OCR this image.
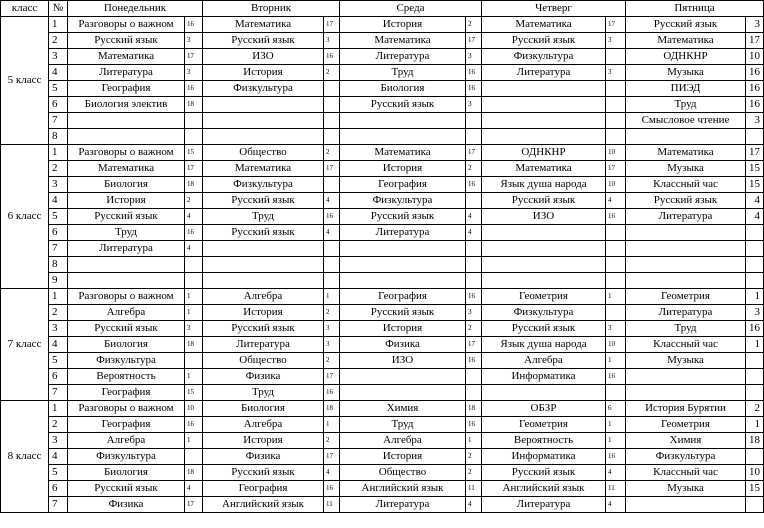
класс	№	Понедельник		Вторник		Среда		Четверг		Пятница	
5 класс	1	Разговоры о важном	16	Математика	17	История	2	Математика	17	Русский язык	3
	2	Русский язык	3	Русский язык	3	Математика	17	Русский язык	3	Математика	17
	3	Математика	17	ИЗО	16	Литература	3	Физкультура		ОДНКНР	10
	4	Литература	3	История	2	Труд	16	Литература	3	Музыка	16
	5	География	16	Физкультура		Биология	16			ПИЭД	16
	6	Биология электив	18			Русский язык	3			Труд	16
	7									Смысловое чтение	3
	8										
6 класс	1	Разговоры о важном	15	Общество	2	Математика	17	ОДНКНР	10	Математика	17
	2	Математика	17	Математика	17	История	2	Математика	17	Музыка	15
	3	Биология	18	Физкультура		География	16	Язык душа народа	10	Классный час	15
	4	История	2	Русский язык	4	Физкультура		Русский язык	4	Русский язык	4
	5	Русский язык	4	Труд	16	Русский язык	4	ИЗО	16	Литература	4
	6	Труд	16	Русский язык	4	Литература	4				
	7	Литература	4								
	8										
	9										
7 класс	1	Разговоры о важном	1	Алгебра	1	География	16	Геометрия	1	Геометрия	1
	2	Алгебра	1	История	2	Русский язык	3	Физкультура		Литература	3
	3	Русский язык	3	Русский язык	3	История	2	Русский язык	3	Труд	16
	4	Биология	18	Литература	3	Физика	17	Язык душа народа	10	Классный час	1
	5	Физкультура		Общество	2	ИЗО	16	Алгебра	1	Музыка	
	6	Вероятность	1	Физика	17			Информатика	16		
	7	География	15	Труд	16						
8 класс	1	Разговоры о важном	10	Биология	18	Химия	18	ОБЗР	6	История Бурятии	2
	2	География	16	Алгебра	1	Труд	16	Геометрия	1	Геометрия	1
	3	Алгебра	1	История	2	Алгебра	1	Вероятность	1	Химия	18
	4	Физкультура		Физика	17	История	2	Информатика	16	Физкультура	
	5	Биология	18	Русский язык	4	Общество	2	Русский язык	4	Классный час	10
	6	Русский язык	4	География	16	Английский язык	11	Английский язык	11	Музыка	15
	7	Физика	17	Английский язык	11	Литература	4	Литература	4		
